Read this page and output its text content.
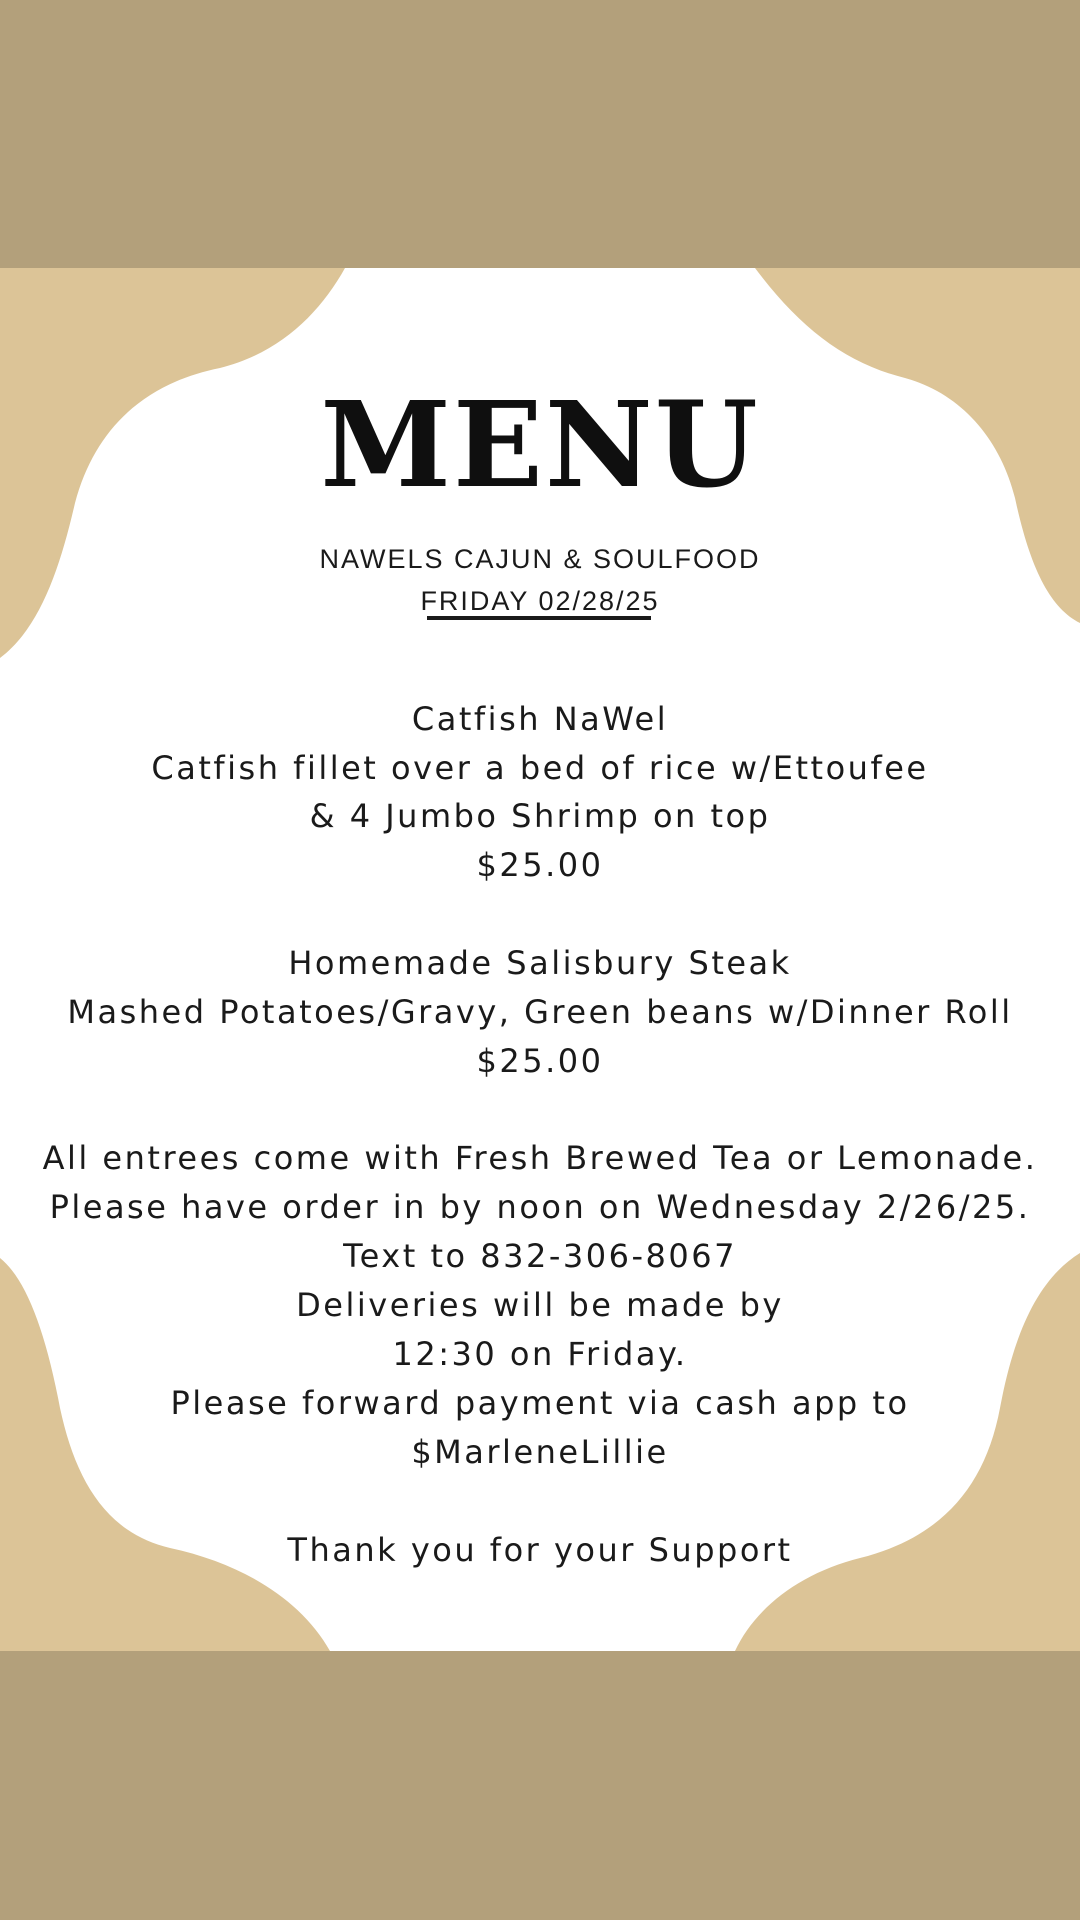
MENU
NAWELS CAJUN & SOULFOOD
FRIDAY 02/28/25
Catfish NaWel
Catfish fillet over a bed of rice w/Ettoufee
& 4 Jumbo Shrimp on top
$25.00
Homemade Salisbury Steak
Mashed Potatoes/Gravy, Green beans w/Dinner Roll
$25.00
All entrees come with Fresh Brewed Tea or Lemonade.
Please have order in by noon on Wednesday 2/26/25.
Text to 832-306-8067
Deliveries will be made by
12:30 on Friday.
Please forward payment via cash app to
$MarleneLillie
Thank you for your Support
